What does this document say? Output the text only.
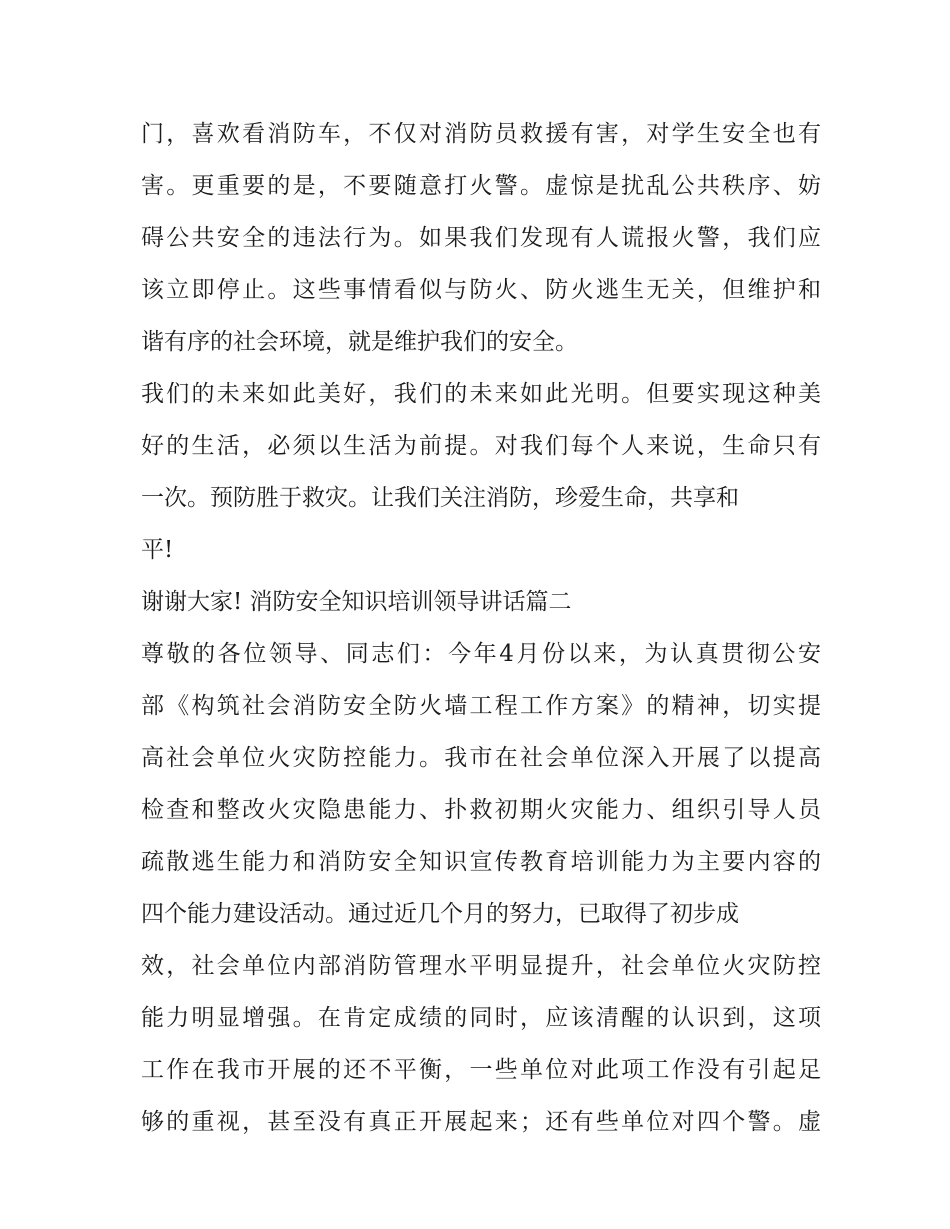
门，喜欢看消防车，不仅对消防员救援有害，对学生安全也有
害。更重要的是，不要随意打火警。虚惊是扰乱公共秩序、妨
碍公共安全的违法行为。如果我们发现有人谎报火警，我们应
该立即停止。这些事情看似与防火、防火逃生无关，但维护和
谐有序的社会环境，就是维护我们的安全。
我们的未来如此美好，我们的未来如此光明。但要实现这种美
好的生活，必须以生活为前提。对我们每个人来说，生命只有
一次。预防胜于救灾。让我们关注消防，珍爱生命，共享和
平!
谢谢大家! 消防安全知识培训领导讲话篇二
尊敬的各位领导、同志们：今年4月份以来，为认真贯彻公安
部《构筑社会消防安全防火墙工程工作方案》的精神，切实提
高社会单位火灾防控能力。我市在社会单位深入开展了以提高
检查和整改火灾隐患能力、扑救初期火灾能力、组织引导人员
疏散逃生能力和消防安全知识宣传教育培训能力为主要内容的
四个能力建设活动。通过近几个月的努力，已取得了初步成
效，社会单位内部消防管理水平明显提升，社会单位火灾防控
能力明显增强。在肯定成绩的同时，应该清醒的认识到，这项
工作在我市开展的还不平衡，一些单位对此项工作没有引起足
够的重视，甚至没有真正开展起来；还有些单位对四个警。虚
